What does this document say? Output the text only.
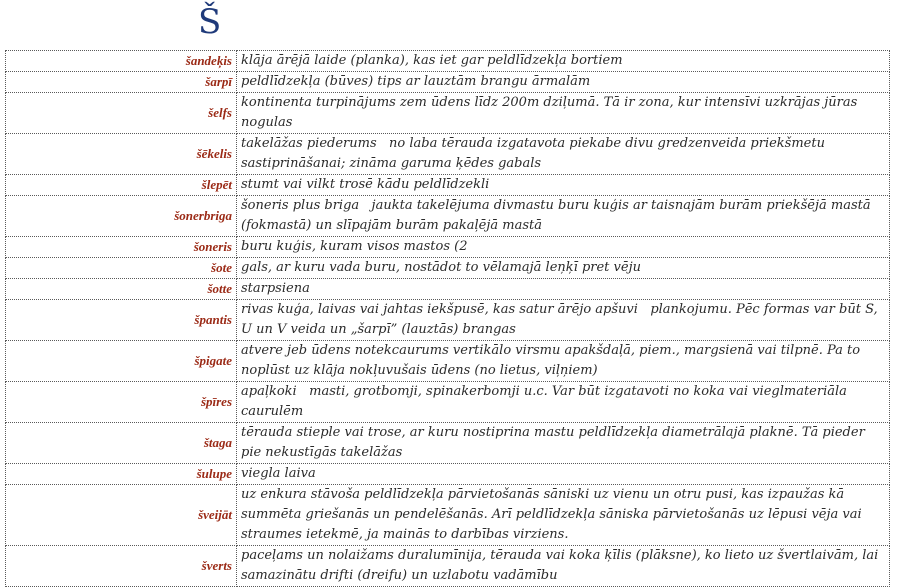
Š
šandeķis	klāja ārējā laide (planka), kas iet gar peldlīdzekļa bortiem
šarpī	peldlīdzekļa (būves) tips ar lauztām brangu ārmalām
šelfs	kontinenta turpinājums zem ūdens līdz 200m dziļumā. Tā ir zona, kur intensīvi uzkrājas jūras nogulas
šēkelis	takelāžas piederums   no laba tērauda izgatavota piekabe divu gredzenveida priekšmetu sastiprināšanai; zināma garuma ķēdes gabals
šlepēt	stumt vai vilkt trosē kādu peldlīdzekli
šonerbriga	šoneris plus briga   jaukta takelējuma divmastu buru kuģis ar taisnajām burām priekšējā mastā (fokmastā) un slīpajām burām pakaļējā mastā
šoneris	buru kuģis, kuram visos mastos (2
šote	gals, ar kuru vada buru, nostādot to vēlamajā leņķī pret vēju
šotte	starpsiena
špantis	rivas kuģa, laivas vai jahtas iekšpusē, kas satur ārējo apšuvi   plankojumu. Pēc formas var būt S, U un V veida un „šarpī” (lauztās) brangas
špigate	atvere jeb ūdens notekcaurums vertikālo virsmu apakšdaļā, piem., margsienā vai tilpnē. Pa to noplūst uz klāja nokļuvušais ūdens (no lietus, viļņiem)
špīres	apaļkoki   masti, grotbomji, spinakerbomji u.c. Var būt izgatavoti no koka vai vieglmateriāla caurulēm
štaga	tērauda stieple vai trose, ar kuru nostiprina mastu peldlīdzekļa diametrālajā plaknē. Tā pieder pie nekustīgās takelāžas
šulupe	viegla laiva
šveijāt	uz enkura stāvoša peldlīdzekļa pārvietošanās sāniski uz vienu un otru pusi, kas izpaužas kā summēta griešanās un pendelēšanās. Arī peldlīdzekļa sāniska pārvietošanās uz lēpusi vēja vai straumes ietekmē, ja mainās to darbības virziens.
šverts	paceļams un nolaižams duralumīnija, tērauda vai koka ķīlis (plāksne), ko lieto uz švertlaivām, lai samazinātu drifti (dreifu) un uzlabotu vadāmību
